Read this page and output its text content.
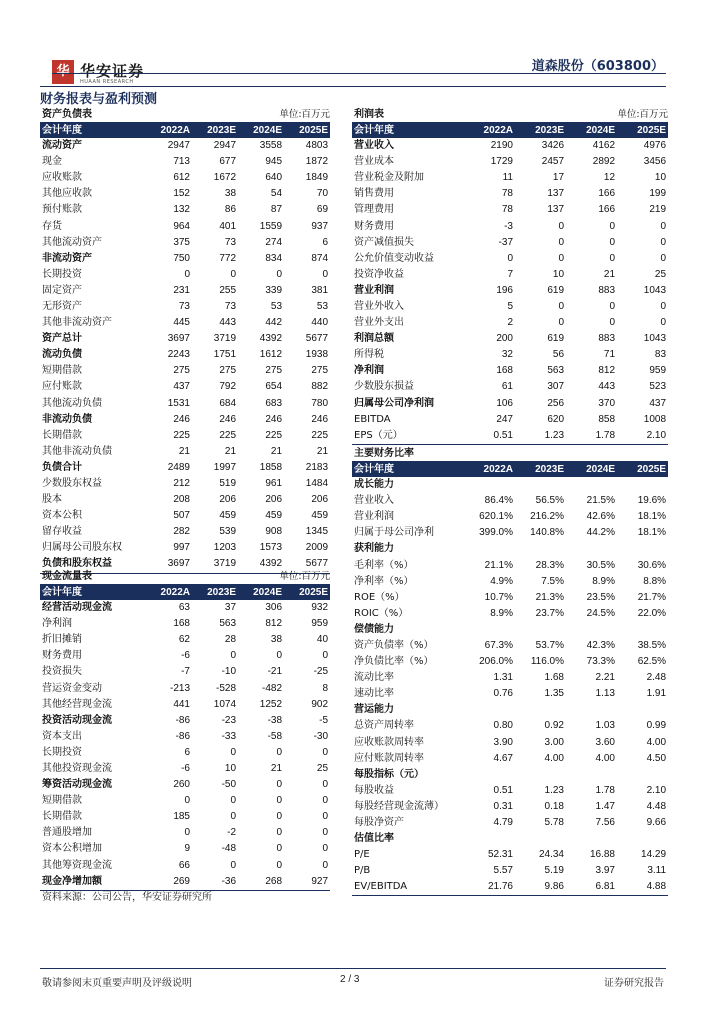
华 华安证券
HUAAN RESEARCH
道森股份（603800）
财务报表与盈利预测
资产负债表			单位:百万元	
会计年度	2022A	2023E	2024E	2025E
流动资产	2947	2947	3558	4803
现金	713	677	945	1872
应收账款	612	1672	640	1849
其他应收款	152	38	54	70
预付账款	132	86	87	69
存货	964	401	1559	937
其他流动资产	375	73	274	6
非流动资产	750	772	834	874
长期投资	0	0	0	0
固定资产	231	255	339	381
无形资产	73	73	53	53
其他非流动资产	445	443	442	440
资产总计	3697	3719	4392	5677
流动负债	2243	1751	1612	1938
短期借款	275	275	275	275
应付账款	437	792	654	882
其他流动负债	1531	684	683	780
非流动负债	246	246	246	246
长期借款	225	225	225	225
其他非流动负债	21	21	21	21
负债合计	2489	1997	1858	2183
少数股东权益	212	519	961	1484
股本	208	206	206	206
资本公积	507	459	459	459
留存收益	282	539	908	1345
归属母公司股东权	997	1203	1573	2009
负债和股东权益	3697	3719	4392	5677
利润表			单位:百万元	
会计年度	2022A	2023E	2024E	2025E
营业收入	2190	3426	4162	4976
营业成本	1729	2457	2892	3456
营业税金及附加	11	17	12	10
销售费用	78	137	166	199
管理费用	78	137	166	219
财务费用	-3	0	0	0
资产减值损失	-37	0	0	0
公允价值变动收益	0	0	0	0
投资净收益	7	10	21	25
营业利润	196	619	883	1043
营业外收入	5	0	0	0
营业外支出	2	0	0	0
利润总额	200	619	883	1043
所得税	32	56	71	83
净利润	168	563	812	959
少数股东损益	61	307	443	523
归属母公司净利润	106	256	370	437
EBITDA	247	620	858	1008
EPS（元）	0.51	1.23	1.78	2.10
主要财务比率				
会计年度	2022A	2023E	2024E	2025E
成长能力				
营业收入	86.4%	56.5%	21.5%	19.6%
营业利润	620.1%	216.2%	42.6%	18.1%
归属于母公司净利	399.0%	140.8%	44.2%	18.1%
获利能力				
毛利率（%）	21.1%	28.3%	30.5%	30.6%
净利率（%）	4.9%	7.5%	8.9%	8.8%
ROE（%）	10.7%	21.3%	23.5%	21.7%
ROIC（%）	8.9%	23.7%	24.5%	22.0%
偿债能力				
资产负债率（%）	67.3%	53.7%	42.3%	38.5%
净负债比率（%）	206.0%	116.0%	73.3%	62.5%
流动比率	1.31	1.68	2.21	2.48
速动比率	0.76	1.35	1.13	1.91
营运能力				
总资产周转率	0.80	0.92	1.03	0.99
应收账款周转率	3.90	3.00	3.60	4.00
应付账款周转率	4.67	4.00	4.00	4.50
每股指标（元）				
每股收益	0.51	1.23	1.78	2.10
每股经营现金流薄）	0.31	0.18	1.47	4.48
每股净资产	4.79	5.78	7.56	9.66
估值比率				
P/E	52.31	24.34	16.88	14.29
P/B	5.57	5.19	3.97	3.11
EV/EBITDA	21.76	9.86	6.81	4.88
现金流量表			单位:百万元	
会计年度	2022A	2023E	2024E	2025E
经营活动现金流	63	37	306	932
净利润	168	563	812	959
折旧摊销	62	28	38	40
财务费用	-6	0	0	0
投资损失	-7	-10	-21	-25
营运资金变动	-213	-528	-482	8
其他经营现金流	441	1074	1252	902
投资活动现金流	-86	-23	-38	-5
资本支出	-86	-33	-58	-30
长期投资	6	0	0	0
其他投资现金流	-6	10	21	25
筹资活动现金流	260	-50	0	0
短期借款	0	0	0	0
长期借款	185	0	0	0
普通股增加	0	-2	0	0
资本公积增加	9	-48	0	0
其他筹资现金流	66	0	0	0
现金净增加额	269	-36	268	927
资料来源：公司公告，华安证券研究所
敬请参阅末页重要声明及评级说明	2 / 3	证券研究报告
